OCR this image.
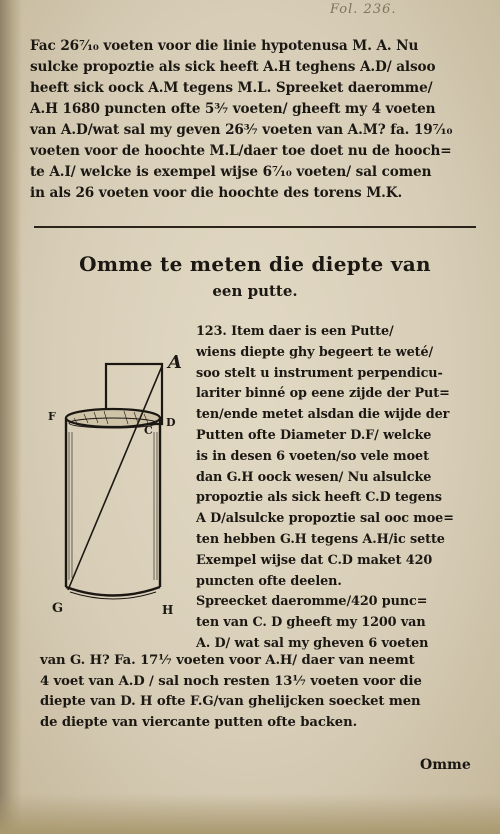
Fol. 236.
Fac 26⁷⁄₁₀ voeten voor die linie hypotenusa M. A. Nu
sulcke propoztie als sick heeft A.H teghens A.D/ alsoo
heeft sick oock A.M tegens M.L. Spreeket daeromme/
A.H 1680 puncten ofte 5³⁄₇ voeten/ gheeft my 4 voeten
van A.D/wat sal my geven 26³⁄₇ voeten van A.M? fa. 19⁷⁄₁₀
voeten voor de hoochte M.L/daer toe doet nu de hooch=
te A.I/ welcke is exempel wijse 6⁷⁄₁₀ voeten/ sal comen
in als 26 voeten voor die hoochte des torens M.K.
Omme te meten die diepte van
een putte.
A
F
C
D
G	H
123. Item daer is een Putte/
wiens diepte ghy begeert te weté/
soo stelt u instrument perpendicu-
lariter binné op eene zijde der Put=
ten/ende metet alsdan die wijde der
Putten ofte Diameter D.F/ welcke
is in desen 6 voeten/so vele moet
dan G.H oock wesen/ Nu alsulcke
propoztie als sick heeft C.D tegens
A D/alsulcke propoztie sal ooc moe=
ten hebben G.H tegens A.H/ic sette
Exempel wijse dat C.D maket 420
puncten ofte deelen.
Spreecket daeromme/420 punc=
ten van C. D gheeft my 1200 van
A. D/ wat sal my gheven 6 voeten
van G. H? Fa. 17¹⁄₇ voeten voor A.H/ daer van neemt
4 voet van A.D / sal noch resten 13¹⁄₇ voeten voor die
diepte van D. H ofte F.G/van ghelijcken soecket men
de diepte van viercante putten ofte backen.
Omme
